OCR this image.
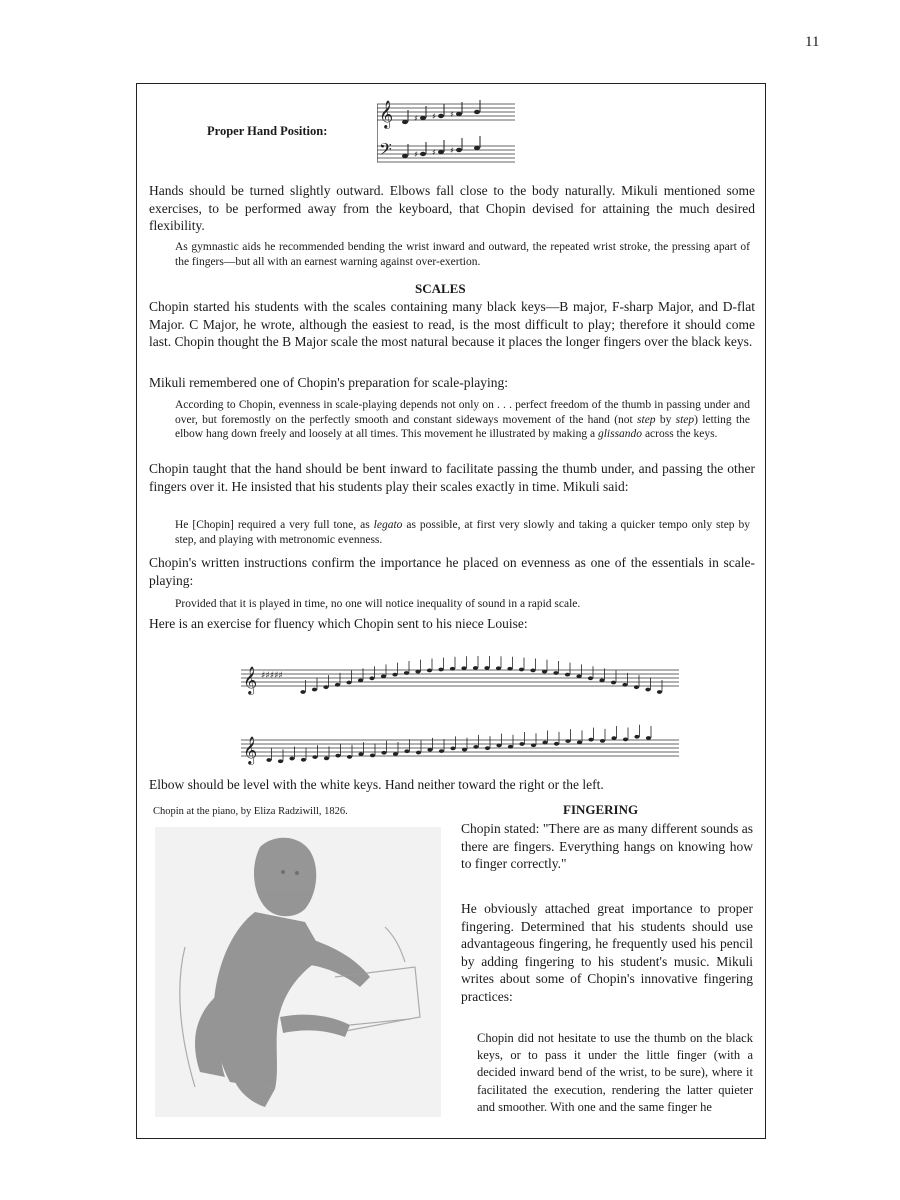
11
Proper Hand Position:
𝄞
𝄢
♯ ♯ ♯
♯ ♯ ♯

Hands should be turned slightly outward. Elbows fall close to the body naturally. Mikuli mentioned some exercises, to be performed away from the keyboard, that Chopin devised for attaining the much desired flexibility.

As gymnastic aids he recommended bending the wrist inward and outward, the repeated wrist stroke, the pressing apart of the fingers—but all with an earnest warning against over-exertion.

SCALES

Chopin started his students with the scales containing many black keys—B major, F-sharp Major, and D-flat Major. C Major, he wrote, although the easiest to read, is the most difficult to play; therefore it should come last. Chopin thought the B Major scale the most natural because it places the longer fingers over the black keys.

Mikuli remembered one of Chopin's preparation for scale-playing:

According to Chopin, evenness in scale-playing depends not only on . . . perfect freedom of the thumb in passing under and over, but foremostly on the perfectly smooth and constant sideways movement of the hand (not step by step) letting the elbow hang down freely and loosely at all times. This movement he illustrated by making a glissando across the keys.

Chopin taught that the hand should be bent inward to facilitate passing the thumb under, and passing the other fingers over it. He insisted that his students play their scales exactly in time. Mikuli said:

He [Chopin] required a very full tone, as legato as possible, at first very slowly and taking a quicker tempo only step by step, and playing with metronomic evenness.

Chopin's written instructions confirm the importance he placed on evenness as one of the essentials in scale-playing:

Provided that it is played in time, no one will notice inequality of sound in a rapid scale.

Here is an exercise for fluency which Chopin sent to his niece Louise:

𝄞 ♯♯♯♯♯
𝄞

Elbow should be level with the white keys. Hand neither toward the right or the left.

Chopin at the piano, by Eliza Radziwill, 1826.	FINGERING

Chopin stated: "There are as many different sounds as there are fingers. Everything hangs on knowing how to finger correctly."

He obviously attached great importance to proper fingering. Determined that his students should use advantageous fingering, he frequently used his pencil by adding fingering to his student's music. Mikuli writes about some of Chopin's innovative fingering practices:

Chopin did not hesitate to use the thumb on the black keys, or to pass it under the little finger (with a decided inward bend of the wrist, to be sure), where it facilitated the execution, rendering the latter quieter and smoother. With one and the same finger he
